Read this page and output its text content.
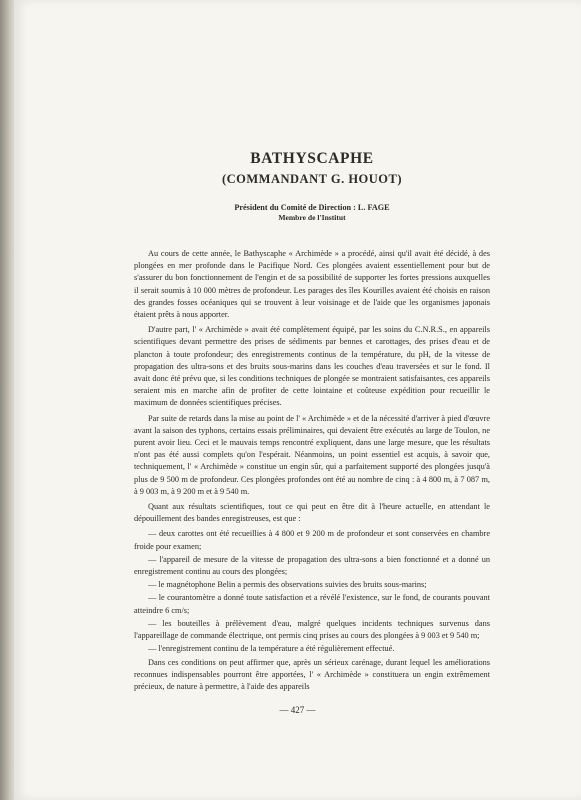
BATHYSCAPHE
(COMMANDANT G. HOUOT)

Président du Comité de Direction : L. FAGE

Membre de l'Institut

Au cours de cette année, le Bathyscaphe « Archimède » a procédé, ainsi qu'il avait été décidé, à des plongées en mer profonde dans le Pacifique Nord. Ces plongées avaient essentiellement pour but de s'assurer du bon fonctionnement de l'engin et de sa possibilité de supporter les fortes pressions auxquelles il serait soumis à 10 000 mètres de profondeur. Les parages des îles Kourilles avaient été choisis en raison des grandes fosses océaniques qui se trouvent à leur voisinage et de l'aide que les organismes japonais étaient prêts à nous apporter.

D'autre part, l' « Archimède » avait été complètement équipé, par les soins du C.N.R.S., en appareils scientifiques devant permettre des prises de sédiments par bennes et carottages, des prises d'eau et de plancton à toute profondeur; des enregistrements continus de la température, du pH, de la vitesse de propagation des ultra-sons et des bruits sous-marins dans les couches d'eau traversées et sur le fond. Il avait donc été prévu que, si les conditions techniques de plongée se montraient satisfaisantes, ces appareils seraient mis en marche afin de profiter de cette lointaine et coûteuse expédition pour recueillir le maximum de données scientifiques précises.

Par suite de retards dans la mise au point de l' « Archimède » et de la nécessité d'arriver à pied d'œuvre avant la saison des typhons, certains essais préliminaires, qui devaient être exécutés au large de Toulon, ne purent avoir lieu. Ceci et le mauvais temps rencontré expliquent, dans une large mesure, que les résultats n'ont pas été aussi complets qu'on l'espérait. Néanmoins, un point essentiel est acquis, à savoir que, techniquement, l' « Archimède » constitue un engin sûr, qui a parfaitement supporté des plongées jusqu'à plus de 9 500 m de profondeur. Ces plongées profondes ont été au nombre de cinq : à 4 800 m, à 7 087 m, à 9 003 m, à 9 200 m et à 9 540 m.

Quant aux résultats scientifiques, tout ce qui peut en être dit à l'heure actuelle, en attendant le dépouillement des bandes enregistreuses, est que :

— deux carottes ont été recueillies à 4 800 et 9 200 m de profondeur et sont conservées en chambre froide pour examen;

— l'appareil de mesure de la vitesse de propagation des ultra-sons a bien fonctionné et a donné un enregistrement continu au cours des plongées;

— le magnétophone Belin a permis des observations suivies des bruits sous-marins;

— le courantomètre a donné toute satisfaction et a révélé l'existence, sur le fond, de courants pouvant atteindre 6 cm/s;

— les bouteilles à prélèvement d'eau, malgré quelques incidents techniques survenus dans l'appareillage de commande électrique, ont permis cinq prises au cours des plongées à 9 003 et 9 540 m;

— l'enregistrement continu de la température a été régulièrement effectué.

Dans ces conditions on peut affirmer que, après un sérieux carénage, durant lequel les améliorations reconnues indispensables pourront être apportées, l' « Archimède » constituera un engin extrêmement précieux, de nature à permettre, à l'aide des appareils

— 427 —
